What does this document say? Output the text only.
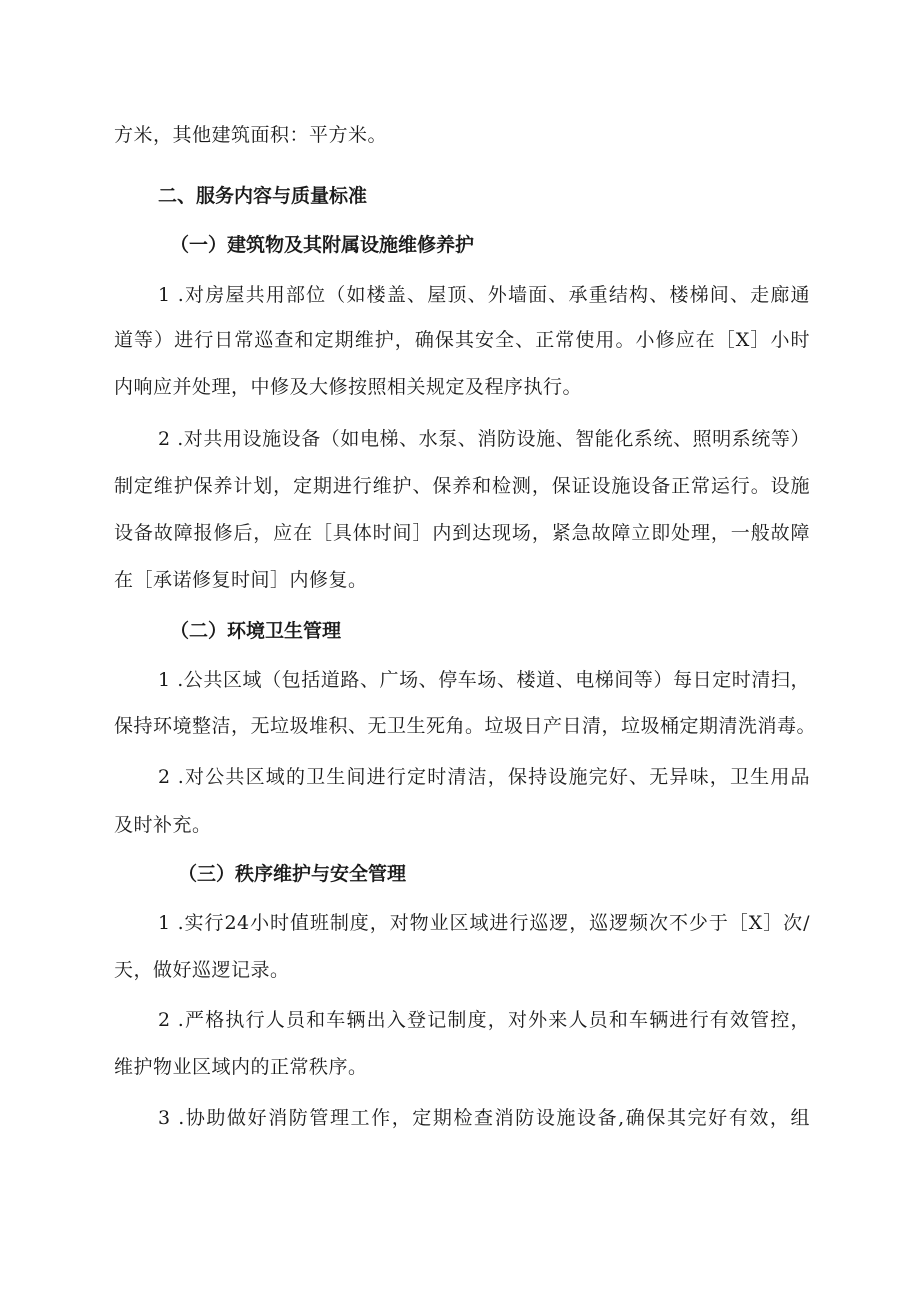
方米，其他建筑面积：平方米。
二、服务内容与质量标准
（一）建筑物及其附属设施维修养护
1 .对房屋共用部位（如楼盖、屋顶、外墙面、承重结构、楼梯间、走廊通
道等）进行日常巡查和定期维护，确保其安全、正常使用。小修应在［X］小时
内响应并处理，中修及大修按照相关规定及程序执行。
2 .对共用设施设备（如电梯、水泵、消防设施、智能化系统、照明系统等）
制定维护保养计划，定期进行维护、保养和检测，保证设施设备正常运行。设施
设备故障报修后，应在［具体时间］内到达现场，紧急故障立即处理，一般故障
在［承诺修复时间］内修复。
（二）环境卫生管理
1 .公共区域（包括道路、广场、停车场、楼道、电梯间等）每日定时清扫，
保持环境整洁，无垃圾堆积、无卫生死角。垃圾日产日清，垃圾桶定期清洗消毒。
2 .对公共区域的卫生间进行定时清洁，保持设施完好、无异味，卫生用品
及时补充。
（三）秩序维护与安全管理
1 .实行24小时值班制度，对物业区域进行巡逻，巡逻频次不少于［X］次/
天，做好巡逻记录。
2 .严格执行人员和车辆出入登记制度，对外来人员和车辆进行有效管控，
维护物业区域内的正常秩序。
3 .协助做好消防管理工作，定期检查消防设施设备,确保其完好有效，组
